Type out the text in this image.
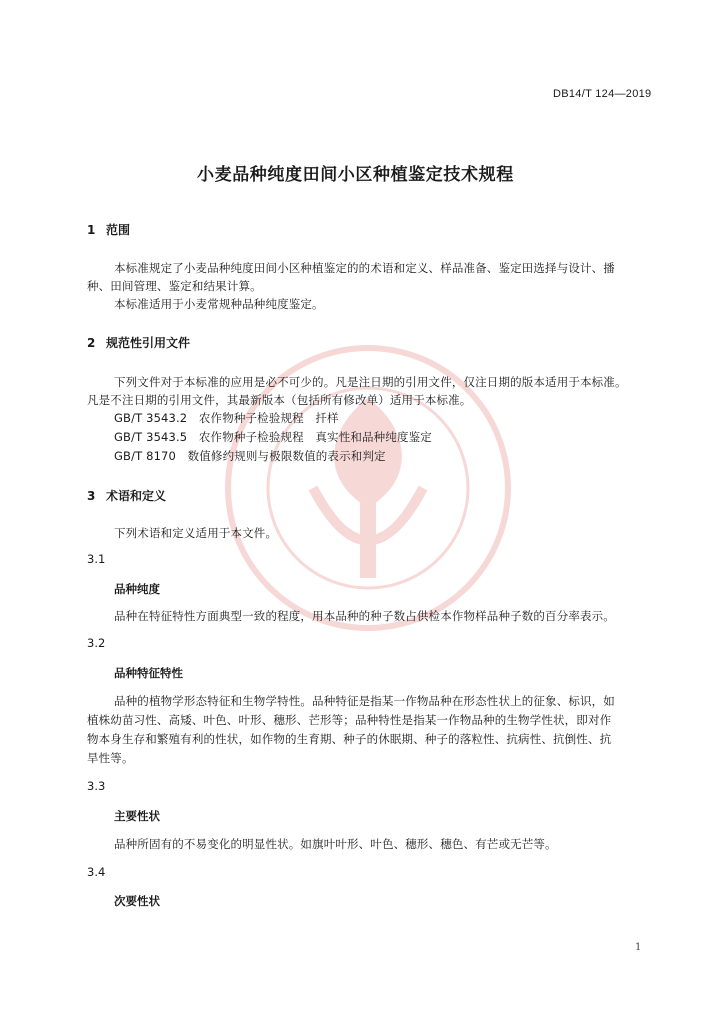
DB14/T 124—2019
小麦品种纯度田间小区种植鉴定技术规程
1 范围
本标准规定了小麦品种纯度田间小区种植鉴定的的术语和定义、样品准备、鉴定田选择与设计、播
种、田间管理、鉴定和结果计算。
本标准适用于小麦常规种品种纯度鉴定。
2 规范性引用文件
下列文件对于本标准的应用是必不可少的。凡是注日期的引用文件，仅注日期的版本适用于本标准。
凡是不注日期的引用文件，其最新版本（包括所有修改单）适用于本标准。
GB/T 3543.2　农作物种子检验规程　扦样
GB/T 3543.5　农作物种子检验规程　真实性和品种纯度鉴定
GB/T 8170　数值修约规则与极限数值的表示和判定
3 术语和定义
下列术语和定义适用于本文件。
3.1
品种纯度
品种在特征特性方面典型一致的程度，用本品种的种子数占供检本作物样品种子数的百分率表示。
3.2
品种特征特性
品种的植物学形态特征和生物学特性。品种特征是指某一作物品种在形态性状上的征象、标识，如
植株幼苗习性、高矮、叶色、叶形、穗形、芒形等；品种特性是指某一作物品种的生物学性状，即对作
物本身生存和繁殖有利的性状，如作物的生育期、种子的休眠期、种子的落粒性、抗病性、抗倒性、抗
旱性等。
3.3
主要性状
品种所固有的不易变化的明显性状。如旗叶叶形、叶色、穗形、穗色、有芒或无芒等。
3.4
次要性状
1
